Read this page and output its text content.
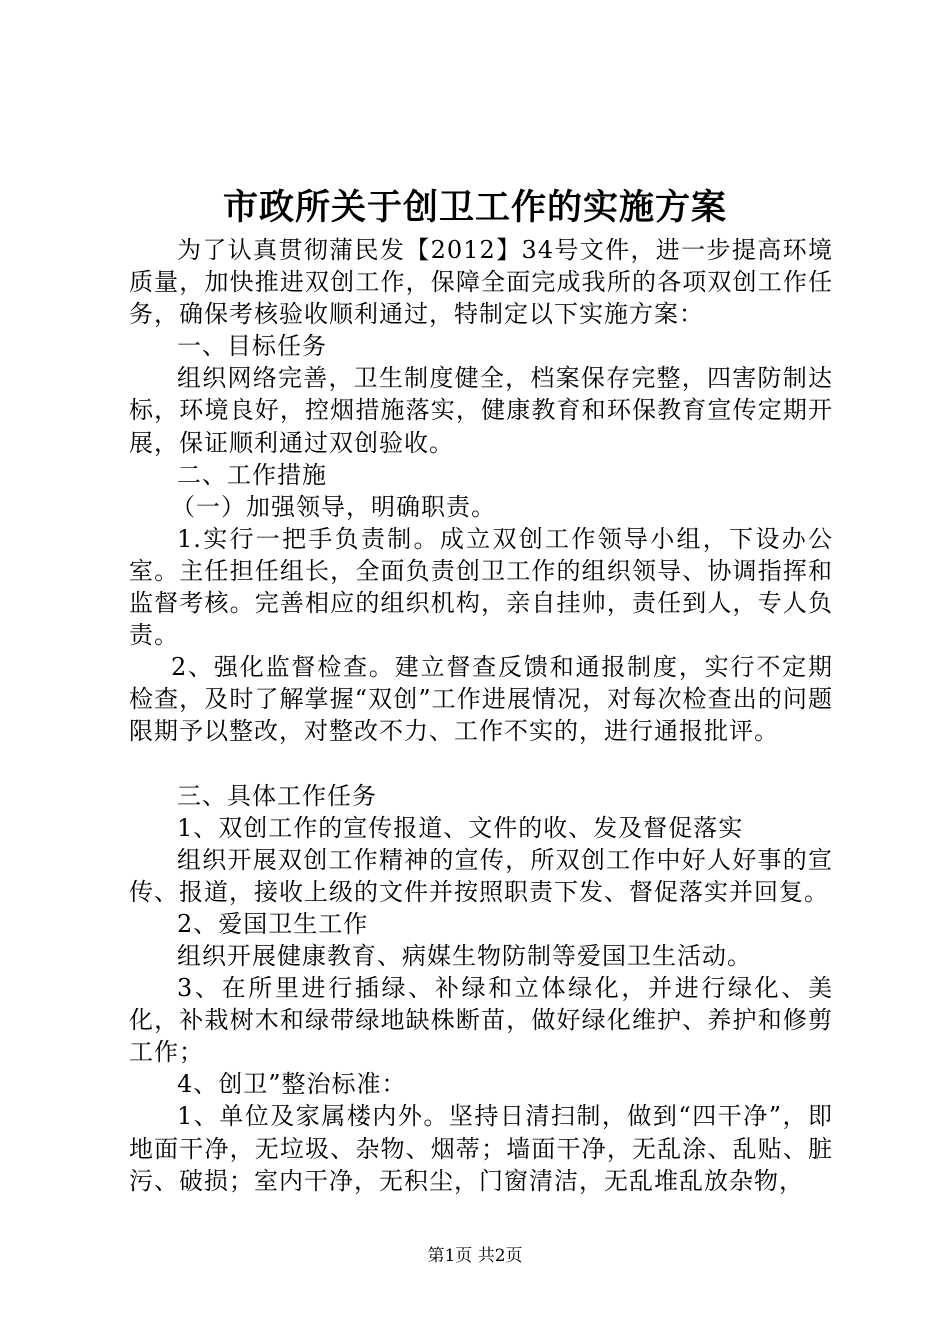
市政所关于创卫工作的实施方案

为了认真贯彻蒲民发【2012】34号文件，进一步提高环境质量，加快推进双创工作，保障全面完成我所的各项双创工作任务，确保考核验收顺利通过，特制定以下实施方案：

一、目标任务

组织网络完善，卫生制度健全，档案保存完整，四害防制达标，环境良好，控烟措施落实，健康教育和环保教育宣传定期开展，保证顺利通过双创验收。

二、工作措施

（一）加强领导，明确职责。

1.实行一把手负责制。成立双创工作领导小组，下设办公室。主任担任组长，全面负责创卫工作的组织领导、协调指挥和监督考核。完善相应的组织机构，亲自挂帅，责任到人，专人负责。

2、强化监督检查。建立督查反馈和通报制度，实行不定期检查，及时了解掌握“双创”工作进展情况，对每次检查出的问题限期予以整改，对整改不力、工作不实的，进行通报批评。

三、具体工作任务

1、双创工作的宣传报道、文件的收、发及督促落实

组织开展双创工作精神的宣传，所双创工作中好人好事的宣传、报道，接收上级的文件并按照职责下发、督促落实并回复。

2、爱国卫生工作

组织开展健康教育、病媒生物防制等爱国卫生活动。

3、在所里进行插绿、补绿和立体绿化，并进行绿化、美化，补栽树木和绿带绿地缺株断苗，做好绿化维护、养护和修剪工作；

4、创卫”整治标准：

1、单位及家属楼内外。坚持日清扫制，做到“四干净”，即地面干净，无垃圾、杂物、烟蒂；墙面干净，无乱涂、乱贴、脏污、破损；室内干净，无积尘，门窗清洁，无乱堆乱放杂物，

第1页 共2页
